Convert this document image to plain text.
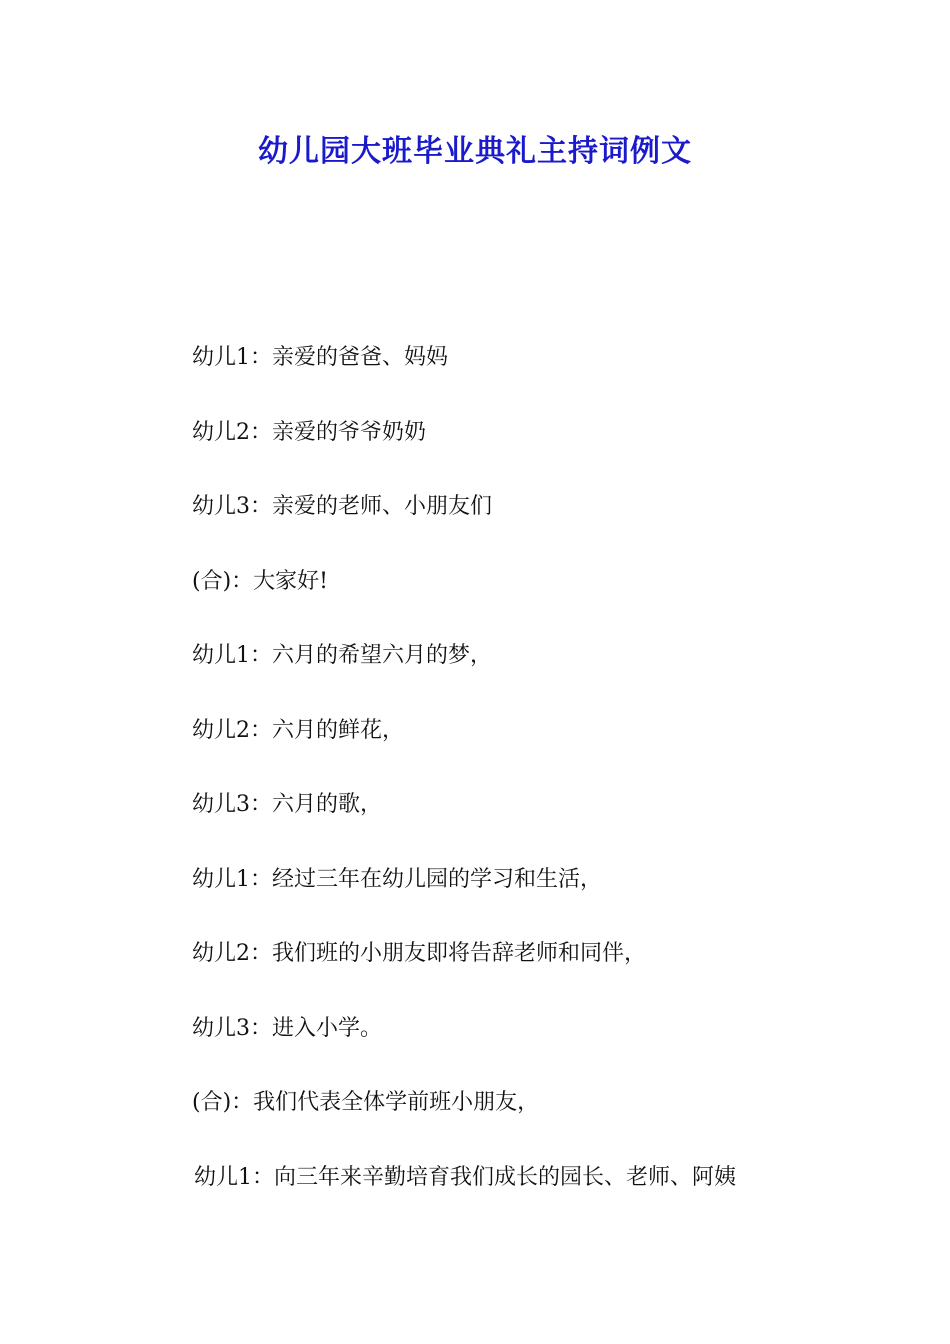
幼儿园大班毕业典礼主持词例文
幼儿1：亲爱的爸爸、妈妈
幼儿2：亲爱的爷爷奶奶
幼儿3：亲爱的老师、小朋友们
(合)：大家好!
幼儿1：六月的希望六月的梦，
幼儿2：六月的鲜花，
幼儿3：六月的歌，
幼儿1：经过三年在幼儿园的学习和生活，
幼儿2：我们班的小朋友即将告辞老师和同伴，
幼儿3：进入小学。
(合)：我们代表全体学前班小朋友，
幼儿1：向三年来辛勤培育我们成长的园长、老师、阿姨
